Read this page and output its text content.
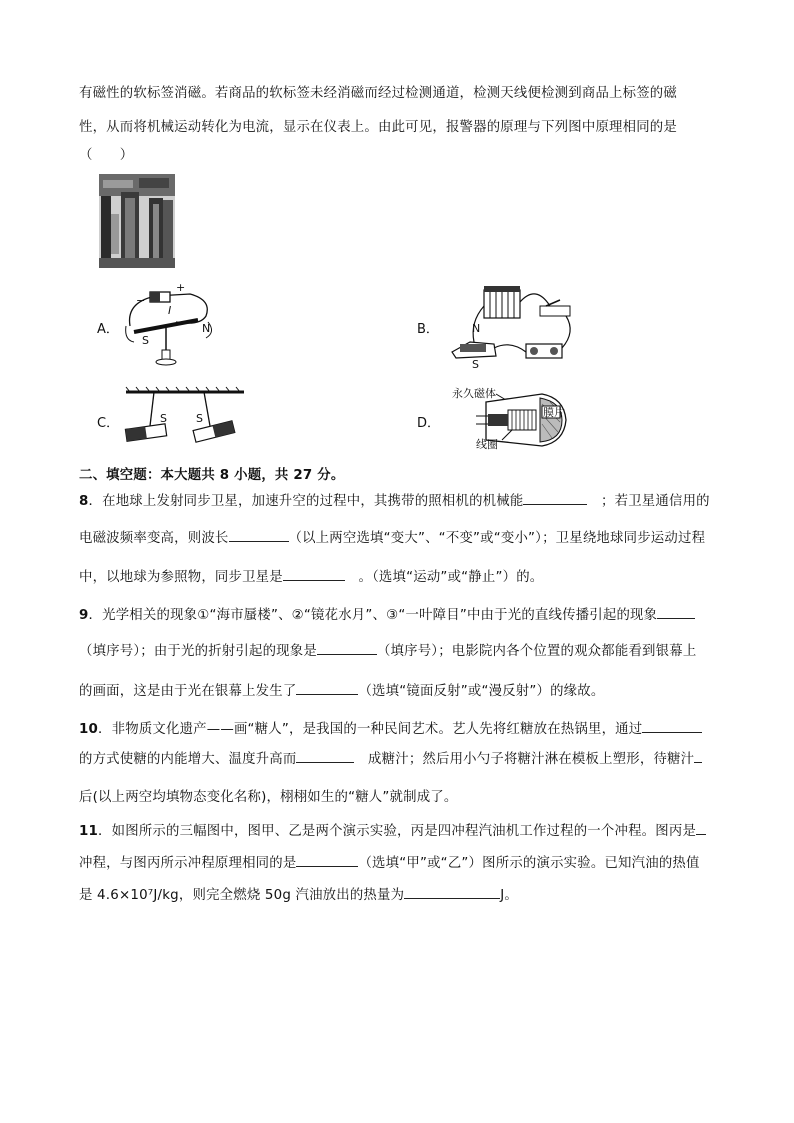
有磁性的软标签消磁。若商品的软标签未经消磁而经过检测通道，检测天线便检测到商品上标签的磁
性，从而将机械运动转化为电流，显示在仪表上。由此可见，报警器的原理与下列图中原理相同的是
（　　）
A．
+
−
I
N
S
B．	N
S
C．	S	S	D．
永久磁体
膜片
线圈
二、填空题：本大题共 8 小题，共 27 分。
8．在地球上发射同步卫星，加速升空的过程中，其携带的照相机的机械能　	；若卫星通信用的
电磁波频率变高，则波长	（以上两空选填“变大”、“不变”或“变小”）；卫星绕地球同步运动过程
中，以地球为参照物，同步卫星是　	。（选填“运动”或“静止”）的。
9．光学相关的现象①“海市蜃楼”、②“镜花水月”、③“一叶障目”中由于光的直线传播引起的现象
（填序号）；由于光的折射引起的现象是	（填序号）；电影院内各个位置的观众都能看到银幕上
的画面，这是由于光在银幕上发生了	（选填“镜面反射”或“漫反射”）的缘故。
10．非物质文化遗产——画“糖人”，是我国的一种民间艺术。艺人先将红糖放在热锅里，通过
的方式使糖的内能增大、温度升高而　	成糖汁；然后用小勺子将糖汁淋在模板上塑形，待糖汁
后(以上两空均填物态变化名称)，栩栩如生的“糖人”就制成了。
11．如图所示的三幅图中，图甲、乙是两个演示实验，丙是四冲程汽油机工作过程的一个冲程。图丙是
冲程，与图丙所示冲程原理相同的是	（选填“甲”或“乙”）图所示的演示实验。已知汽油的热值
是 4.6×10⁷J/kg，则完全燃烧 50g 汽油放出的热量为	J。
